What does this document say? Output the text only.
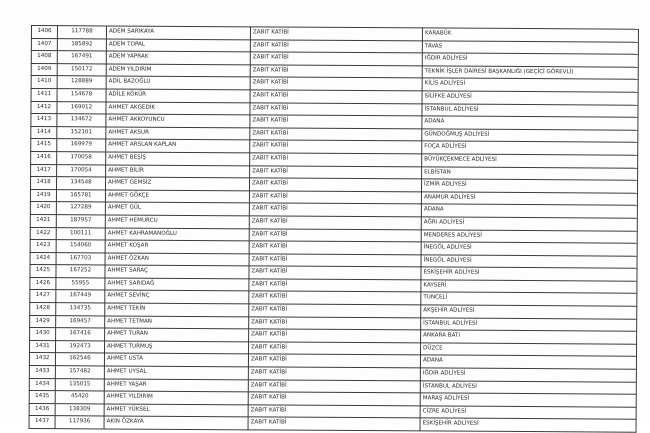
1406	117788	ADEM SARIKAYA	ZABIT KATİBİ	KARABÜK
1407	185892	ADEM TOPAL	ZABIT KATİBİ	TAVAS
1408	167491	ADEM YAPRAK	ZABIT KATİBİ	IĞDIR ADLİYESİ
1409	150172	ADEM YILDIRIM	ZABIT KATİBİ	TEKNİK İŞLER DAİRESİ BAŞKANLIĞI (GEÇİCİ GÖREVLİ)
1410	128889	ADİL BAZOĞLU	ZABIT KATİBİ	KİLİS ADLİYESİ
1411	154678	ADİLE KÖKÜR	ZABIT KATİBİ	SİLİFKE ADLİYESİ
1412	169012	AHMET AKGEDİK	ZABIT KATİBİ	İSTANBUL ADLİYESİ
1413	134672	AHMET AKKOYUNCU	ZABIT KATİBİ	ADANA
1414	152101	AHMET AKSUR	ZABIT KATİBİ	GÜNDOĞMUŞ ADLİYESİ
1415	169979	AHMET ARSLAN KAPLAN	ZABIT KATİBİ	FOÇA ADLİYESİ
1416	170058	AHMET BEŞİŞ	ZABIT KATİBİ	BÜYÜKÇEKMECE ADLİYESİ
1417	170054	AHMET BİLİR	ZABIT KATİBİ	ELBİSTAN
1418	134548	AHMET GEMSİZ	ZABIT KATİBİ	İZMİR ADLİYESİ
1419	165781	AHMET GÖKÇE	ZABIT KATİBİ	ANAMUR ADLİYESİ
1420	127289	AHMET GÜL	ZABIT KATİBİ	ADANA
1421	187957	AHMET HEMURCU	ZABIT KATİBİ	AĞRI ADLİYESİ
1422	100111	AHMET KAHRAMANOĞLU	ZABIT KATİBİ	MENDERES ADLİYESİ
1423	154060	AHMET KOŞAR	ZABIT KATİBİ	İNEGÖL ADLİYESİ
1424	167703	AHMET ÖZKAN	ZABIT KATİBİ	İNEGÖL ADLİYESİ
1425	167252	AHMET SARAÇ	ZABIT KATİBİ	ESKİŞEHİR ADLİYESİ
1426	55955	AHMET SARIDAĞ	ZABIT KATİBİ	KAYSERİ
1427	167449	AHMET SEVİNÇ	ZABIT KATİBİ	TUNCELİ
1428	134735	AHMET TEKİN	ZABIT KATİBİ	AKŞEHİR ADLİYESİ
1429	169457	AHMET TETMAN	ZABIT KATİBİ	İSTANBUL ADLİYESİ
1430	167416	AHMET TURAN	ZABIT KATİBİ	ANKARA BATI
1431	192473	AHMET TURMUŞ	ZABIT KATİBİ	DÜZCE
1432	162546	AHMET USTA	ZABIT KATİBİ	ADANA
1433	157482	AHMET UYSAL	ZABIT KATİBİ	IĞDIR ADLİYESİ
1434	135015	AHMET YAŞAR	ZABIT KATİBİ	İSTANBUL ADLİYESİ
1435	45420	AHMET YILDIRIM	ZABIT KATİBİ	MARAŞ ADLİYESİ
1436	138309	AHMET YÜKSEL	ZABIT KATİBİ	CİZRE ADLİYESİ
1437	117936	AKIN ÖZKAYA	ZABIT KATİBİ	ESKİŞEHİR ADLİYESİ
